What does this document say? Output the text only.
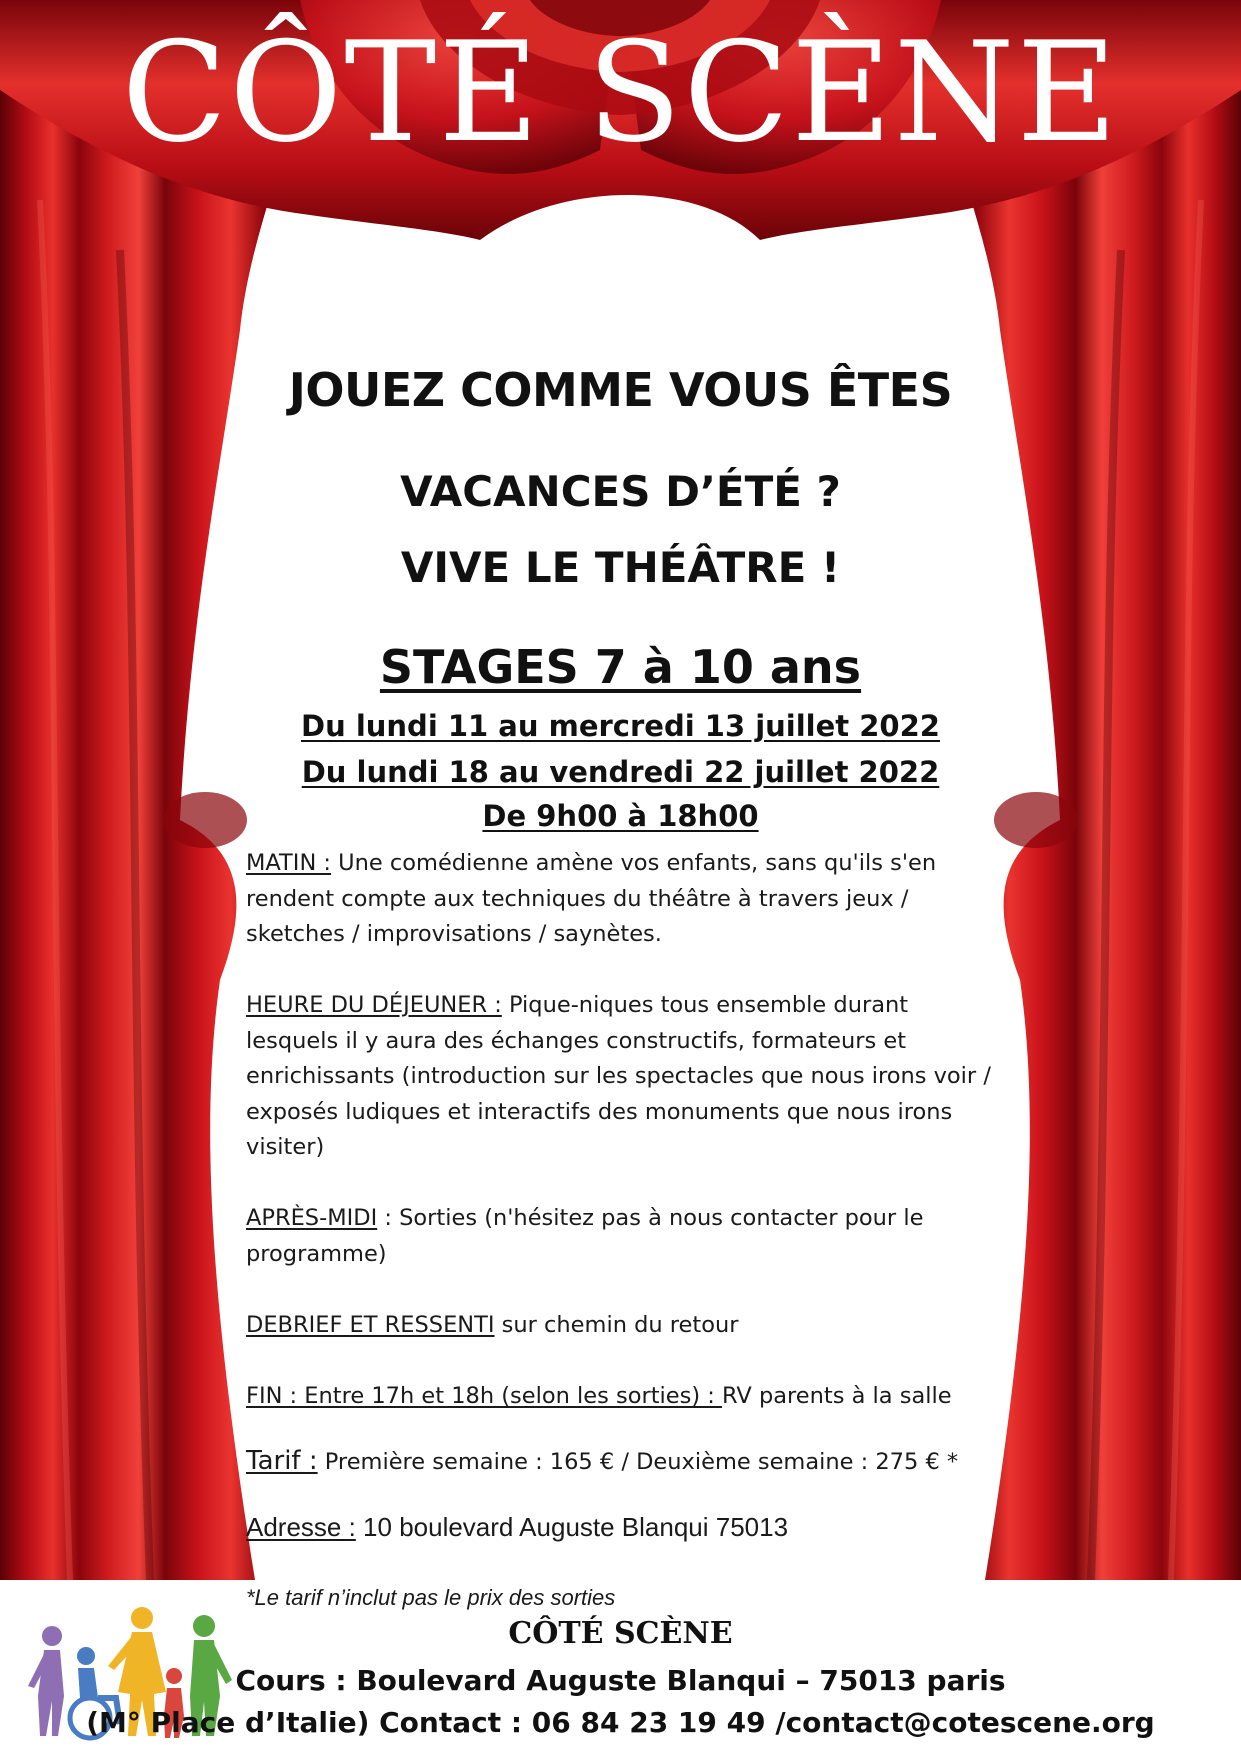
CÔTÉ SCÈNE
JOUEZ COMME VOUS ÊTES
VACANCES D’ÉTÉ ?
VIVE LE THÉÂTRE !
STAGES 7 à 10 ans
Du lundi 11 au mercredi 13 juillet 2022
Du lundi 18 au vendredi 22 juillet 2022
De 9h00 à 18h00
MATIN : Une comédienne amène vos enfants, sans qu'ils s'en rendent compte aux techniques du théâtre à travers jeux / sketches / improvisations / saynètes.
HEURE DU DÉJEUNER : Pique-niques tous ensemble durant lesquels il y aura des échanges constructifs, formateurs et enrichissants (introduction sur les spectacles que nous irons voir / exposés ludiques et interactifs des monuments que nous irons visiter)
APRÈS-MIDI : Sorties (n'hésitez pas à nous contacter pour le programme)
DEBRIEF ET RESSENTI sur chemin du retour
FIN : Entre 17h et 18h (selon les sorties) : RV parents à la salle
Tarif : Première semaine : 165 € / Deuxième semaine : 275 € *
Adresse : 10 boulevard Auguste Blanqui 75013
*Le tarif n’inclut pas le prix des sorties
CÔTÉ SCÈNE
Cours : Boulevard Auguste Blanqui – 75013 paris
(M° Place d’Italie) Contact : 06 84 23 19 49 /contact@cotescene.org
